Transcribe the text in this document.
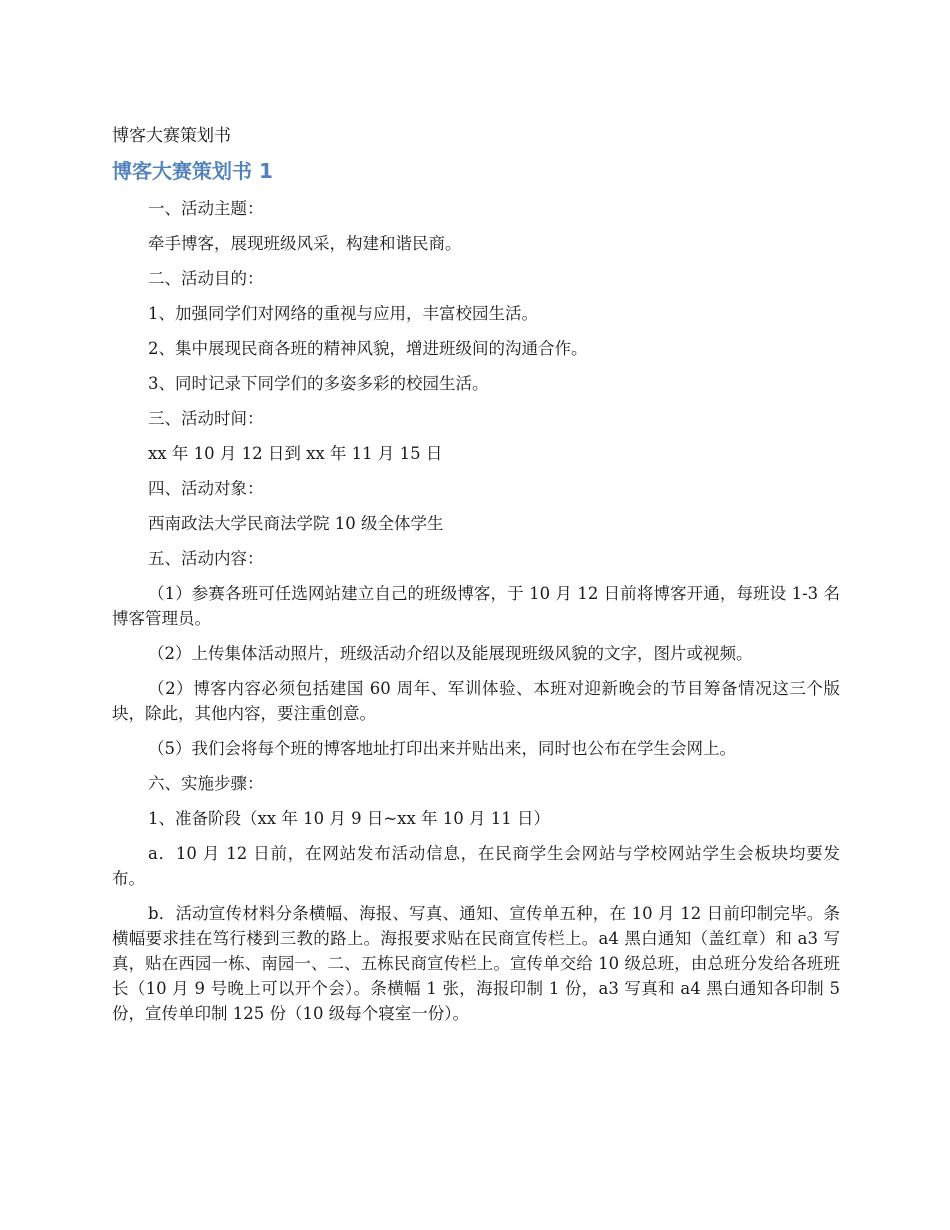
博客大赛策划书
博客大赛策划书 1

一、活动主题：

牵手博客，展现班级风采，构建和谐民商。

二、活动目的：

1、加强同学们对网络的重视与应用，丰富校园生活。

2、集中展现民商各班的精神风貌，增进班级间的沟通合作。

3、同时记录下同学们的多姿多彩的校园生活。

三、活动时间：

xx 年 10 月 12 日到 xx 年 11 月 15 日

四、活动对象：

西南政法大学民商法学院 10 级全体学生

五、活动内容：

（1）参赛各班可任选网站建立自己的班级博客，于 10 月 12 日前将博客开通，每班设 1-3 名博客管理员。

（2）上传集体活动照片，班级活动介绍以及能展现班级风貌的文字，图片或视频。

（2）博客内容必须包括建国 60 周年、军训体验、本班对迎新晚会的节目筹备情况这三个版块，除此，其他内容，要注重创意。

（5）我们会将每个班的博客地址打印出来并贴出来，同时也公布在学生会网上。

六、实施步骤：

1、准备阶段（xx 年 10 月 9 日~xx 年 10 月 11 日）

a．10 月 12 日前，在网站发布活动信息，在民商学生会网站与学校网站学生会板块均要发布。

b．活动宣传材料分条横幅、海报、写真、通知、宣传单五种，在 10 月 12 日前印制完毕。条横幅要求挂在笃行楼到三教的路上。海报要求贴在民商宣传栏上。a4 黑白通知（盖红章）和 a3 写真，贴在西园一栋、南园一、二、五栋民商宣传栏上。宣传单交给 10 级总班，由总班分发给各班班长（10 月 9 号晚上可以开个会）。条横幅 1 张，海报印制 1 份，a3 写真和 a4 黑白通知各印制 5 份，宣传单印制 125 份（10 级每个寝室一份）。
